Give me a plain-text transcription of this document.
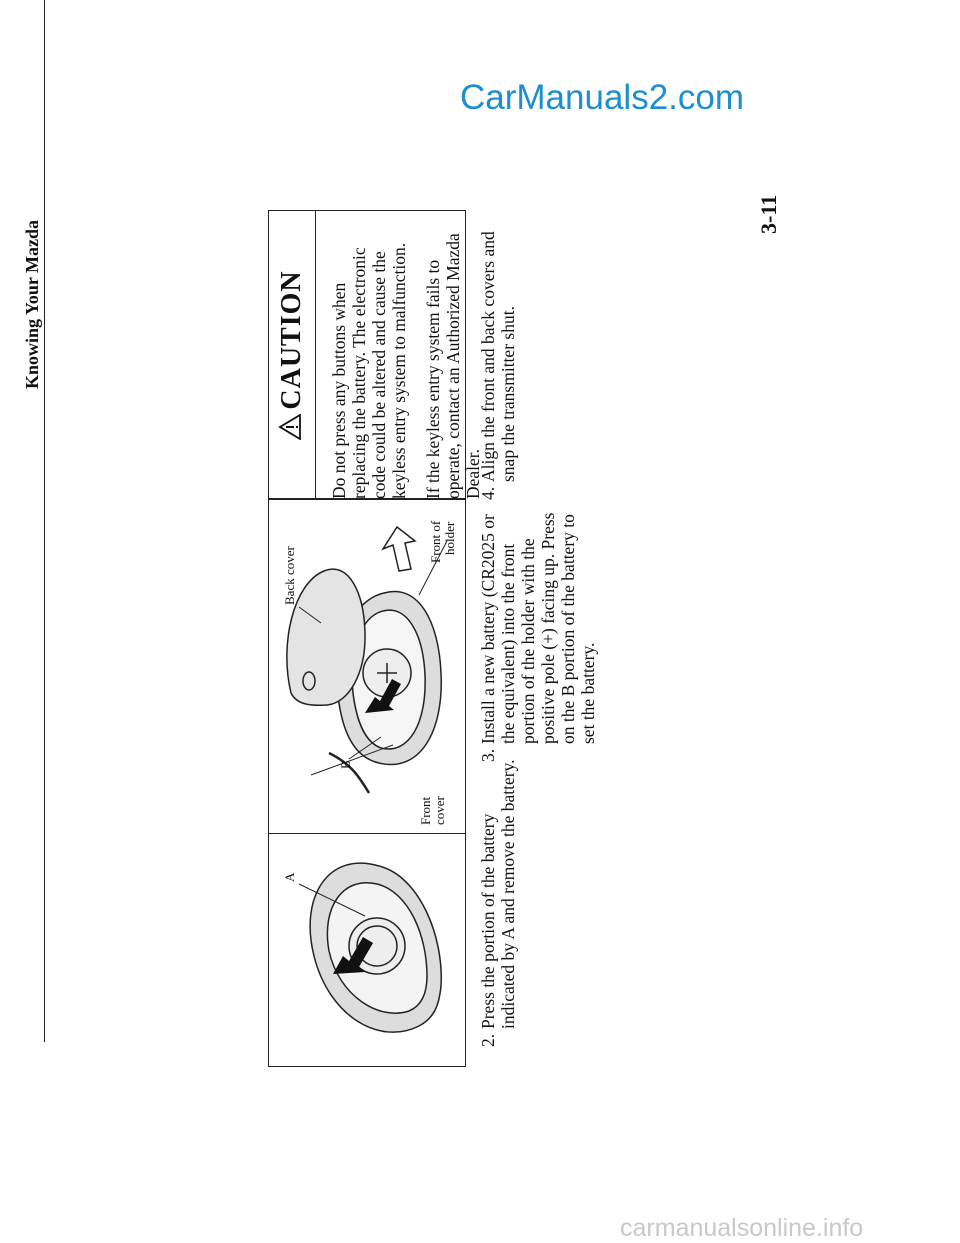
Knowing Your Mazda
A
B
Back cover
Front cover
Front of holder
CAUTION	Do not press any buttons when replacing the battery. The electronic code could be altered and cause the keyless entry system to malfunction. If the keyless entry system fails to operate, contact an Authorized Mazda Dealer.

2.
Press the portion of the battery indicated by A and remove the battery.
3.
Install a new battery (CR2025 or the equivalent) into the front portion of the holder with the positive pole (+) facing up. Press on the B portion of the battery to set the battery.
4.
Align the front and back covers and snap the transmitter shut.
3-11
CarManuals2.com
carmanualsonline.info
